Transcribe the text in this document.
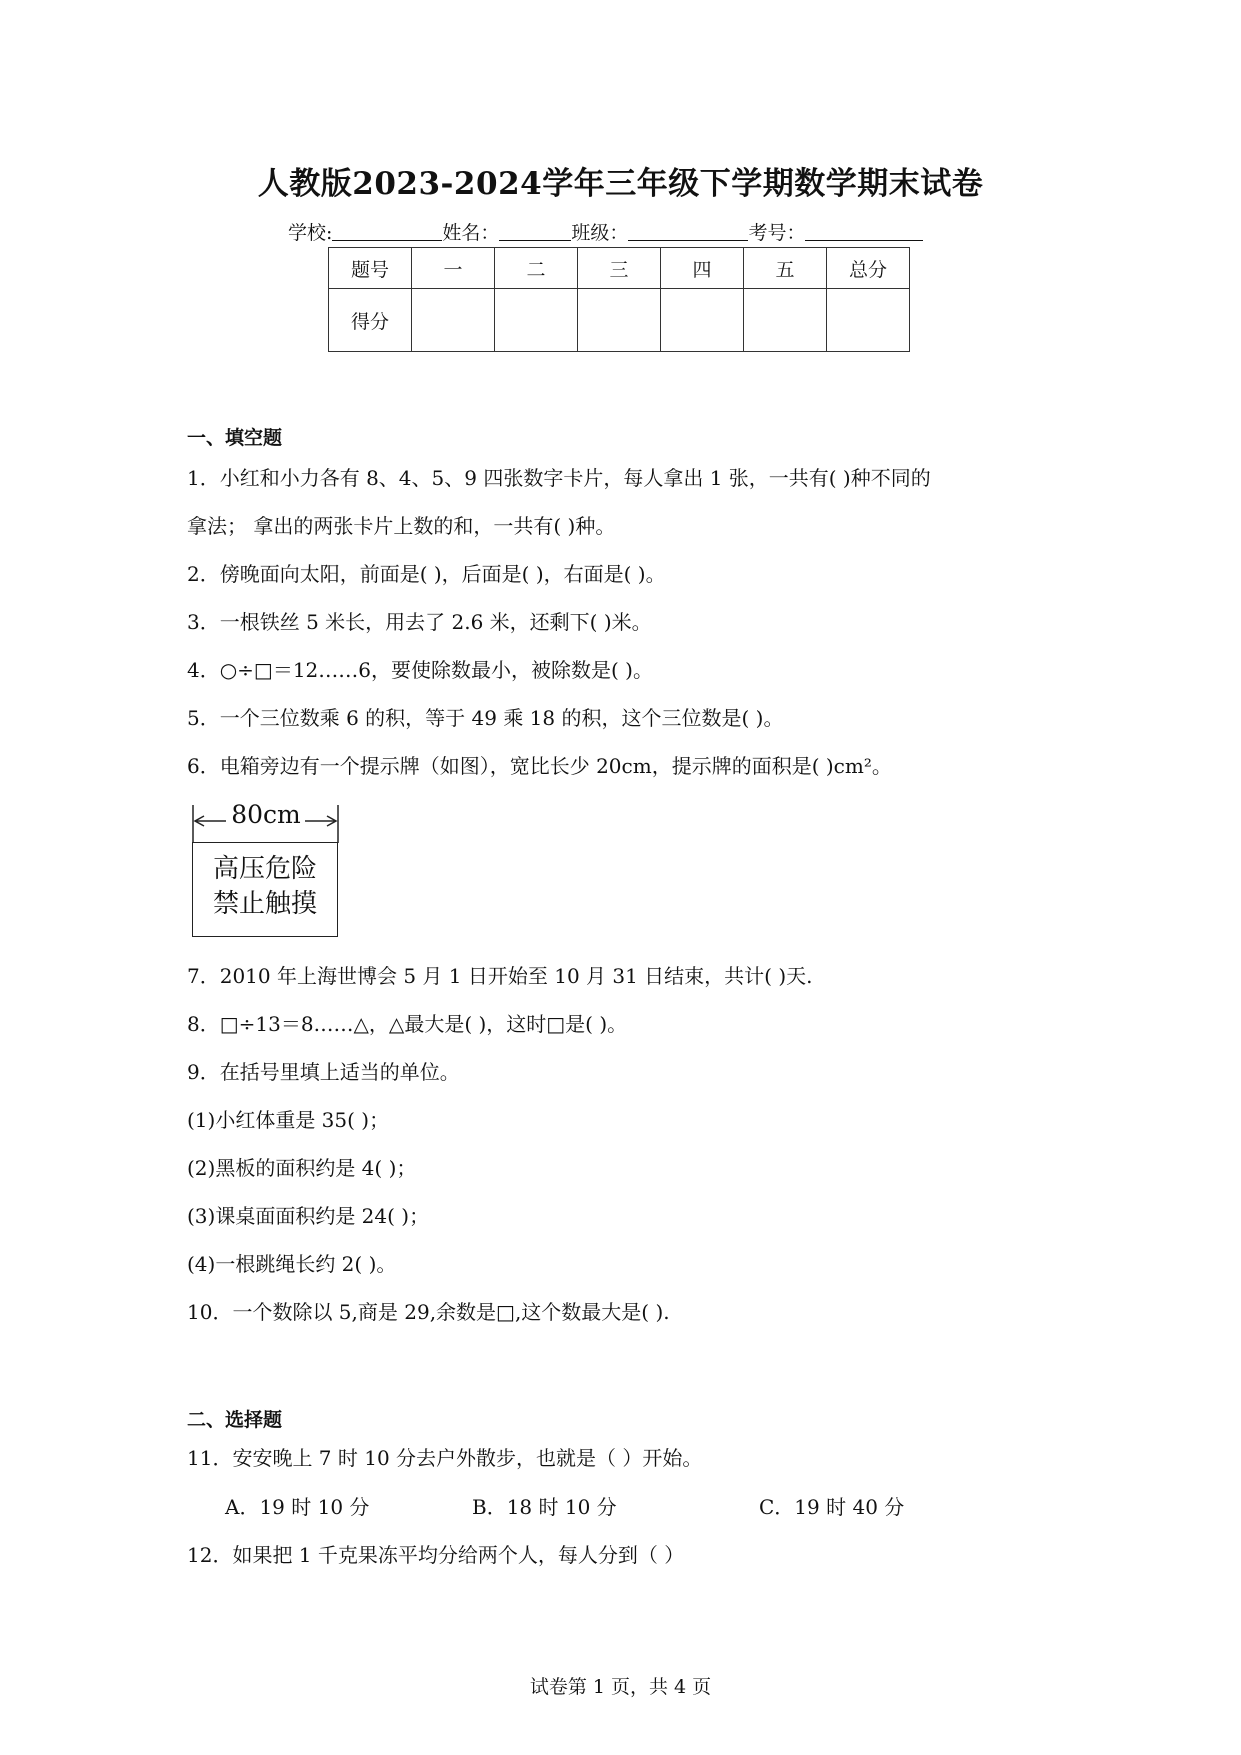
人教版2023-2024学年三年级下学期数学期末试卷
学校:	姓名：	班级：	考号：
题号	一	二	三	四	五	总分
得分						
一、填空题
1．小红和小力各有 8、4、5、9 四张数字卡片，每人拿出 1 张，一共有( )种不同的
拿法； 拿出的两张卡片上数的和，一共有( )种。
2．傍晚面向太阳，前面是( )，后面是( )，右面是( )。
3．一根铁丝 5 米长，用去了 2.6 米，还剩下( )米。
4．○÷□＝12……6，要使除数最小，被除数是( )。
5．一个三位数乘 6 的积，等于 49 乘 18 的积，这个三位数是( )。
6．电箱旁边有一个提示牌（如图），宽比长少 20cm，提示牌的面积是( )cm²。
80cm
高压危险
禁止触摸
7．2010 年上海世博会 5 月 1 日开始至 10 月 31 日结束，共计( )天.
8．□÷13＝8……△，△最大是( )，这时□是( )。
9．在括号里填上适当的单位。
(1)小红体重是 35( )；
(2)黑板的面积约是 4( )；
(3)课桌面面积约是 24( )；
(4)一根跳绳长约 2( )。
10．一个数除以 5,商是 29,余数是□,这个数最大是( ).
二、选择题
11．安安晚上 7 时 10 分去户外散步，也就是（ ）开始。
A．19 时 10 分	B．18 时 10 分	C．19 时 40 分
12．如果把 1 千克果冻平均分给两个人，每人分到（ ）
试卷第 1 页，共 4 页
